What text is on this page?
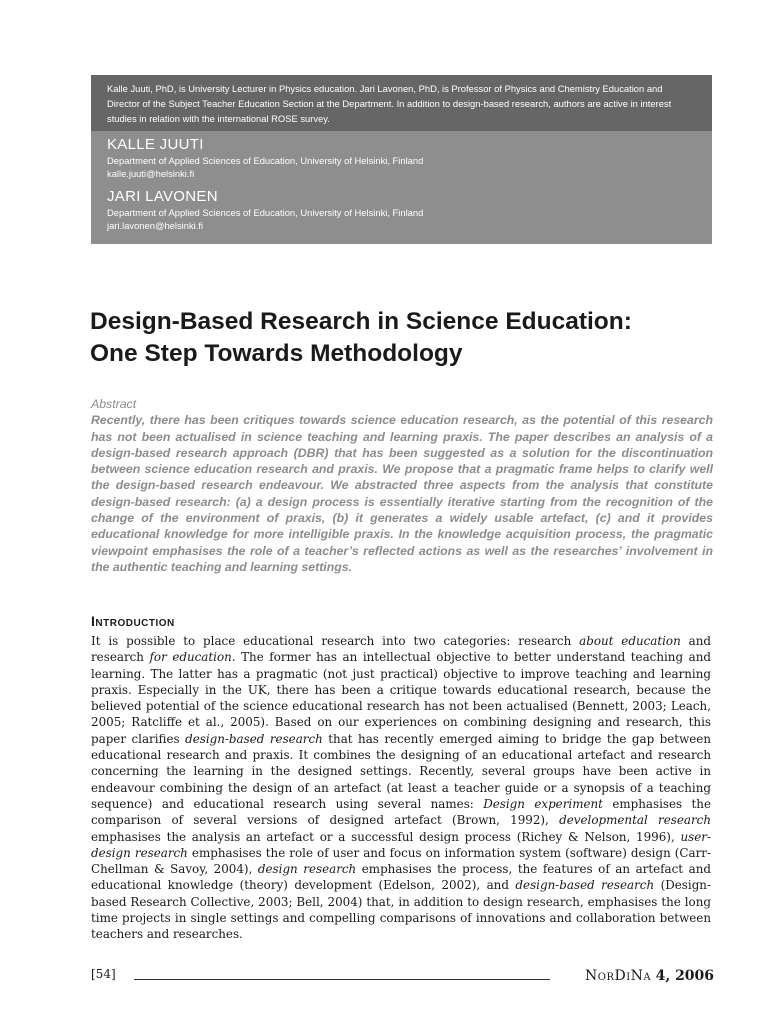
Kalle Juuti, PhD, is University Lecturer in Physics education. Jari Lavonen, PhD, is Professor of Physics and Chemistry Education and Director of the Subject Teacher Education Section at the Department. In addition to design-based research, authors are active in interest studies in relation with the international ROSE survey.
KALLE JUUTI
Department of Applied Sciences of Education, University of Helsinki, Finland
kalle.juuti@helsinki.fi
JARI LAVONEN
Department of Applied Sciences of Education, University of Helsinki, Finland
jari.lavonen@helsinki.fi
Design-Based Research in Science Education:
One Step Towards Methodology
Abstract
Recently, there has been critiques towards science education research, as the potential of this research has not been actualised in science teaching and learning praxis. The paper describes an analysis of a design-based research approach (DBR) that has been suggested as a solution for the discontinuation between science education research and praxis. We propose that a pragmatic frame helps to clarify well the design-based research endeavour. We abstracted three aspects from the analysis that constitute design-based research: (a) a design process is essentially iterative starting from the recognition of the change of the environment of praxis, (b) it generates a widely usable artefact, (c) and it provides educational knowledge for more intelligible praxis. In the knowledge acquisition process, the pragmatic viewpoint emphasises the role of a teacher’s reflected actions as well as the researches’ involvement in the authentic teaching and learning settings.
Introduction

It is possible to place educational research into two categories: research about education and research for education. The former has an intellectual objective to better understand teaching and learning. The latter has a pragmatic (not just practical) objective to improve teaching and learning praxis. Especially in the UK, there has been a critique towards educational research, because the believed potential of the science educational research has not been actualised (Bennett, 2003; Leach, 2005; Ratcliffe et al., 2005). Based on our experiences on combining designing and research, this paper clarifies design-based research that has recently emerged aiming to bridge the gap between educational research and praxis. It combines the designing of an educational artefact and research concerning the learning in the designed settings. Recently, several groups have been active in endeavour combining the design of an artefact (at least a teacher guide or a synopsis of a teaching sequence) and educational research using several names: Design experiment emphasises the comparison of several versions of designed artefact (Brown, 1992), developmental research emphasises the analysis an artefact or a successful design process (Richey & Nelson, 1996), user-design research emphasises the role of user and focus on information system (software) design (Carr-Chellman & Savoy, 2004), design research emphasises the process, the features of an artefact and educational knowledge (theory) development (Edelson, 2002), and design-based research (Design-based Research Collective, 2003; Bell, 2004) that, in addition to design research, emphasises the long time projects in single settings and compelling comparisons of innovations and collaboration between teachers and researches.

[54]	NorDiNa 4, 2006
